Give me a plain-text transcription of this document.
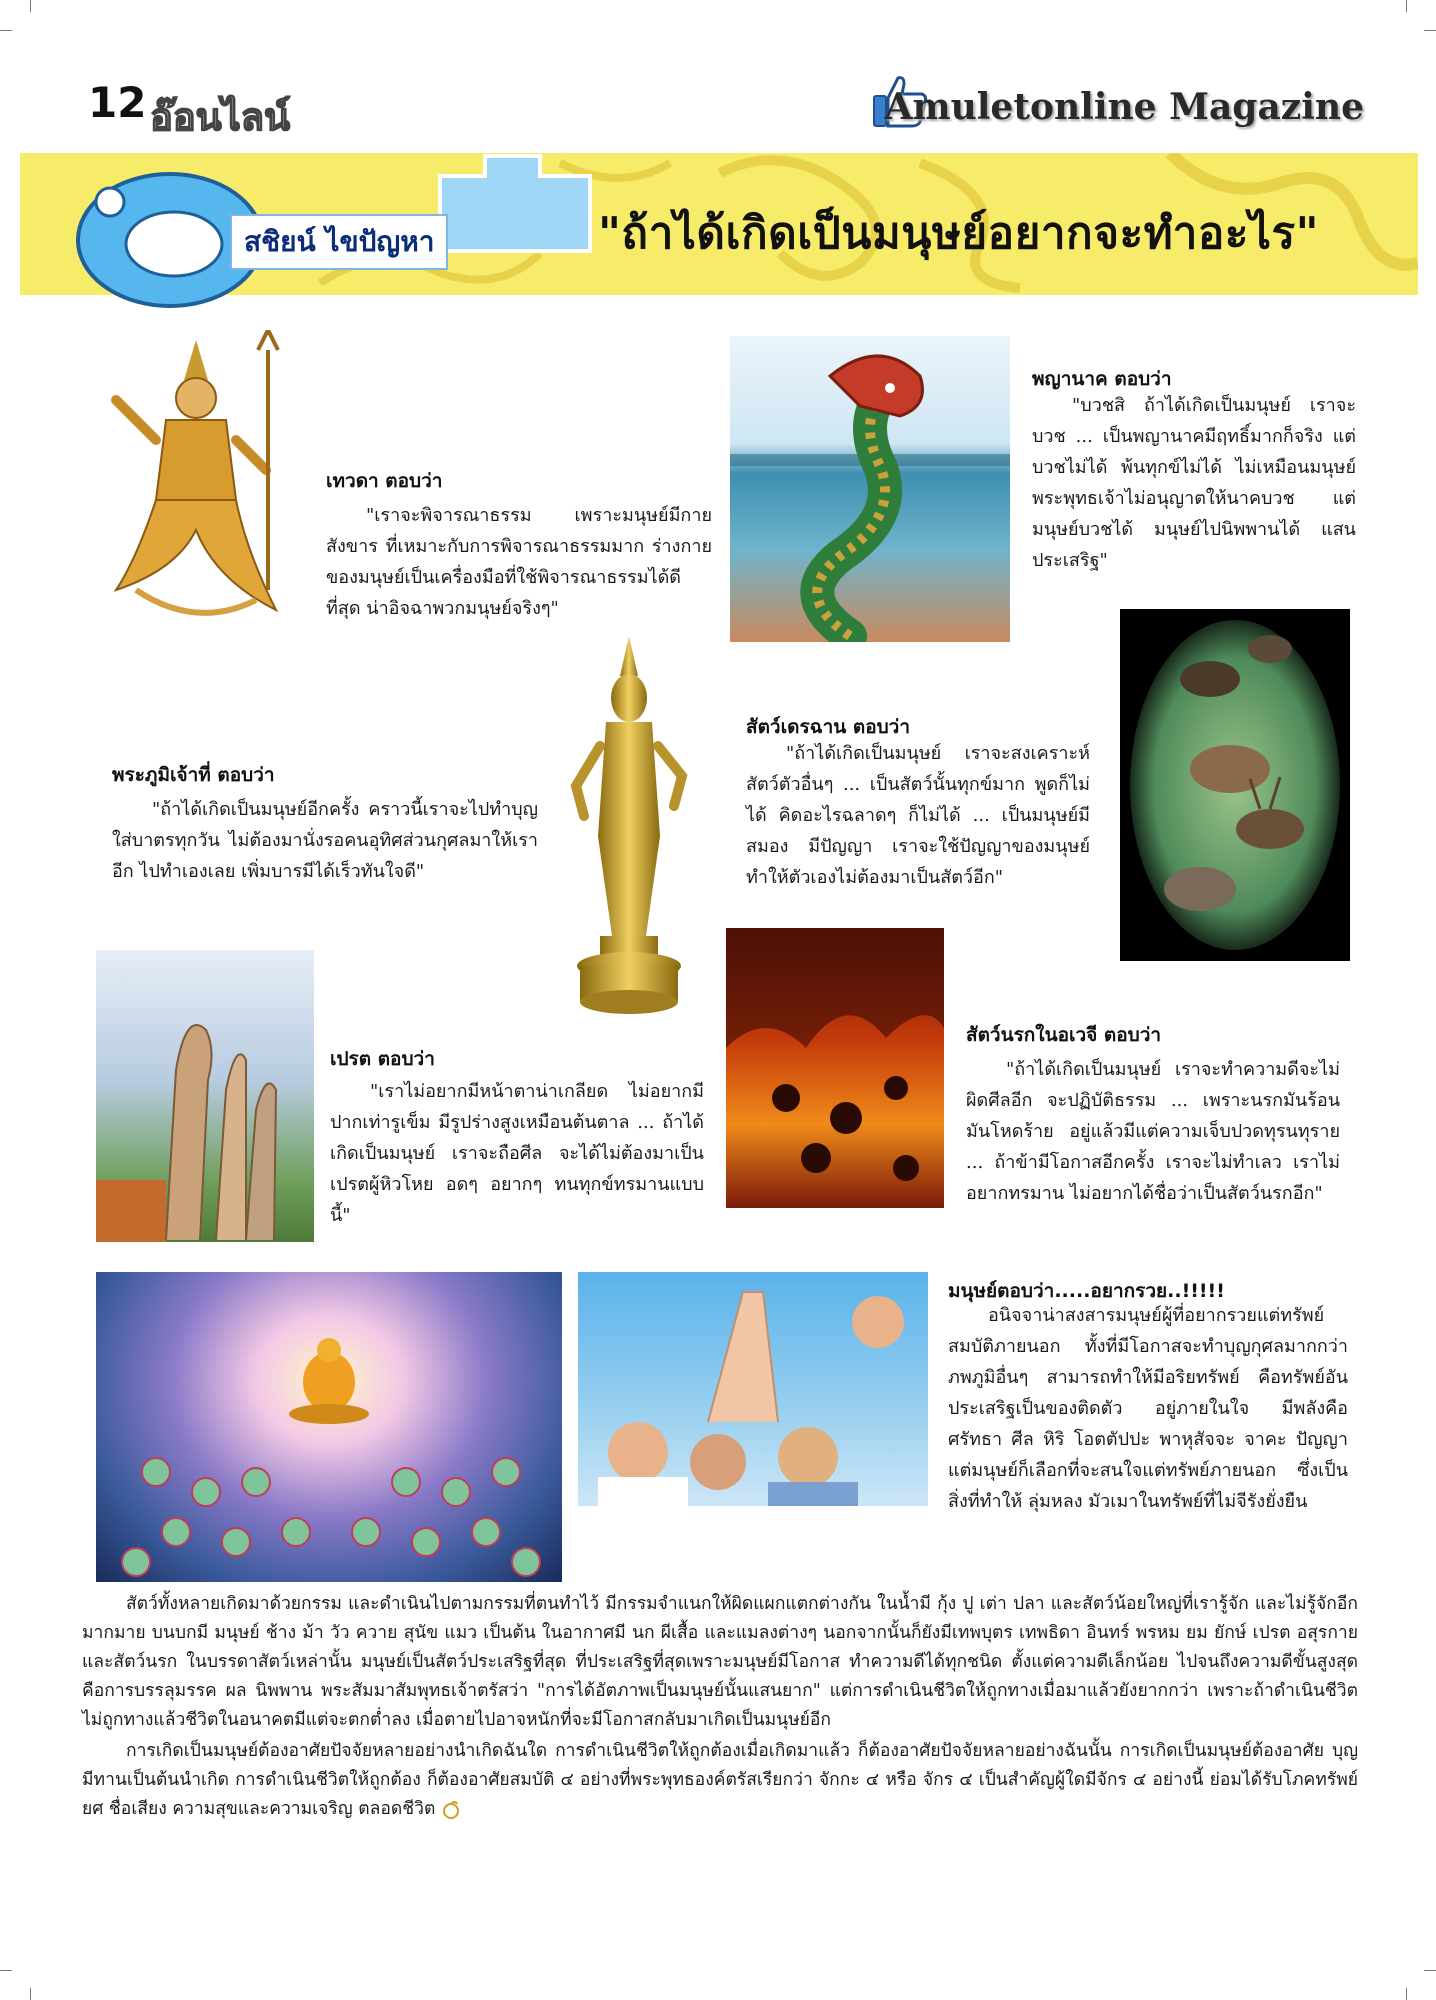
12 อ๊อนไลน์	Amuletonline Magazine
สชิยน์ ไขปัญหา	"ถ้าได้เกิดเป็นมนุษย์อยากจะทำอะไร"
เทวดา ตอบว่า
"เราจะพิจารณาธรรม เพราะมนุษย์มีกายสังขาร ที่เหมาะกับการพิจารณาธรรมมาก ร่างกายของมนุษย์เป็นเครื่องมือที่ใช้พิจารณาธรรมได้ดีที่สุด น่าอิจฉาพวกมนุษย์จริงๆ"
พญานาค ตอบว่า
"บวชสิ ถ้าได้เกิดเป็นมนุษย์ เราจะบวช ... เป็นพญานาคมีฤทธิ์มากก็จริง แต่บวชไม่ได้ พ้นทุกข์ไม่ได้ ไม่เหมือนมนุษย์ พระพุทธเจ้าไม่อนุญาตให้นาคบวช แต่มนุษย์บวชได้ มนุษย์ไปนิพพานได้ แสนประเสริฐ"
พระภูมิเจ้าที่ ตอบว่า
"ถ้าได้เกิดเป็นมนุษย์อีกครั้ง คราวนี้เราจะไปทำบุญใส่บาตรทุกวัน ไม่ต้องมานั่งรอคนอุทิศส่วนกุศลมาให้เราอีก ไปทำเองเลย เพิ่มบารมีได้เร็วทันใจดี"
สัตว์เดรฉาน ตอบว่า
"ถ้าได้เกิดเป็นมนุษย์ เราจะสงเคราะห์สัตว์ตัวอื่นๆ ... เป็นสัตว์นั้นทุกข์มาก พูดก็ไม่ได้ คิดอะไรฉลาดๆ ก็ไม่ได้ ... เป็นมนุษย์มีสมอง มีปัญญา เราจะใช้ปัญญาของมนุษย์ทำให้ตัวเองไม่ต้องมาเป็นสัตว์อีก"
เปรต ตอบว่า
"เราไม่อยากมีหน้าตาน่าเกลียด ไม่อยากมีปากเท่ารูเข็ม มีรูปร่างสูงเหมือนต้นตาล ... ถ้าได้เกิดเป็นมนุษย์ เราจะถือศีล จะได้ไม่ต้องมาเป็นเปรตผู้หิวโหย อดๆ อยากๆ ทนทุกข์ทรมานแบบนี้"
สัตว์นรกในอเวจี ตอบว่า
"ถ้าได้เกิดเป็นมนุษย์ เราจะทำความดีจะไม่ผิดศีลอีก จะปฏิบัติธรรม ... เพราะนรกมันร้อน มันโหดร้าย อยู่แล้วมีแต่ความเจ็บปวดทุรนทุราย ... ถ้าข้ามีโอกาสอีกครั้ง เราจะไม่ทำเลว เราไม่อยากทรมาน ไม่อยากได้ชื่อว่าเป็นสัตว์นรกอีก"
มนุษย์ตอบว่า.....อยากรวย..!!!!!
อนิจจาน่าสงสารมนุษย์ผู้ที่อยากรวยแต่ทรัพย์สมบัติภายนอก ทั้งที่มีโอกาสจะทำบุญกุศลมากกว่าภพภูมิอื่นๆ สามารถทำให้มีอริยทรัพย์ คือทรัพย์อันประเสริฐเป็นของติดตัว อยู่ภายในใจ มีพลังคือ ศรัทธา ศีล หิริ โอตตัปปะ พาหุสัจจะ จาคะ ปัญญา แต่มนุษย์ก็เลือกที่จะสนใจแต่ทรัพย์ภายนอก ซึ่งเป็นสิ่งที่ทำให้ ลุ่มหลง มัวเมาในทรัพย์ที่ไม่จีรังยั่งยืน

สัตว์ทั้งหลายเกิดมาด้วยกรรม และดำเนินไปตามกรรมที่ตนทำไว้ มีกรรมจำแนกให้ผิดแผกแตกต่างกัน ในน้ำมี กุ้ง ปู เต่า ปลา และสัตว์น้อยใหญ่ที่เรารู้จัก และไม่รู้จักอีกมากมาย บนบกมี มนุษย์ ช้าง ม้า วัว ควาย สุนัข แมว เป็นต้น ในอากาศมี นก ผีเสื้อ และแมลงต่างๆ นอกจากนั้นก็ยังมีเทพบุตร เทพธิดา อินทร์ พรหม ยม ยักษ์ เปรต อสุรกาย และสัตว์นรก ในบรรดาสัตว์เหล่านั้น มนุษย์เป็นสัตว์ประเสริฐที่สุด ที่ประเสริฐที่สุดเพราะมนุษย์มีโอกาส ทำความดีได้ทุกชนิด ตั้งแต่ความดีเล็กน้อย ไปจนถึงความดีขั้นสูงสุด คือการบรรลุมรรค ผล นิพพาน พระสัมมาสัมพุทธเจ้าตรัสว่า "การได้อัตภาพเป็นมนุษย์นั้นแสนยาก" แต่การดำเนินชีวิตให้ถูกทางเมื่อมาแล้วยังยากกว่า เพราะถ้าดำเนินชีวิตไม่ถูกทางแล้วชีวิตในอนาคตมีแต่จะตกต่ำลง เมื่อตายไปอาจหนักที่จะมีโอกาสกลับมาเกิดเป็นมนุษย์อีก

การเกิดเป็นมนุษย์ต้องอาศัยปัจจัยหลายอย่างนำเกิดฉันใด การดำเนินชีวิตให้ถูกต้องเมื่อเกิดมาแล้ว ก็ต้องอาศัยปัจจัยหลายอย่างฉันนั้น การเกิดเป็นมนุษย์ต้องอาศัย บุญ มีทานเป็นต้นนำเกิด การดำเนินชีวิตให้ถูกต้อง ก็ต้องอาศัยสมบัติ ๔ อย่างที่พระพุทธองค์ตรัสเรียกว่า จักกะ ๔ หรือ จักร ๔ เป็นสำคัญผู้ใดมีจักร ๔ อย่างนี้ ย่อมได้รับโภคทรัพย์ ยศ ชื่อเสียง ความสุขและความเจริญ ตลอดชีวิต
